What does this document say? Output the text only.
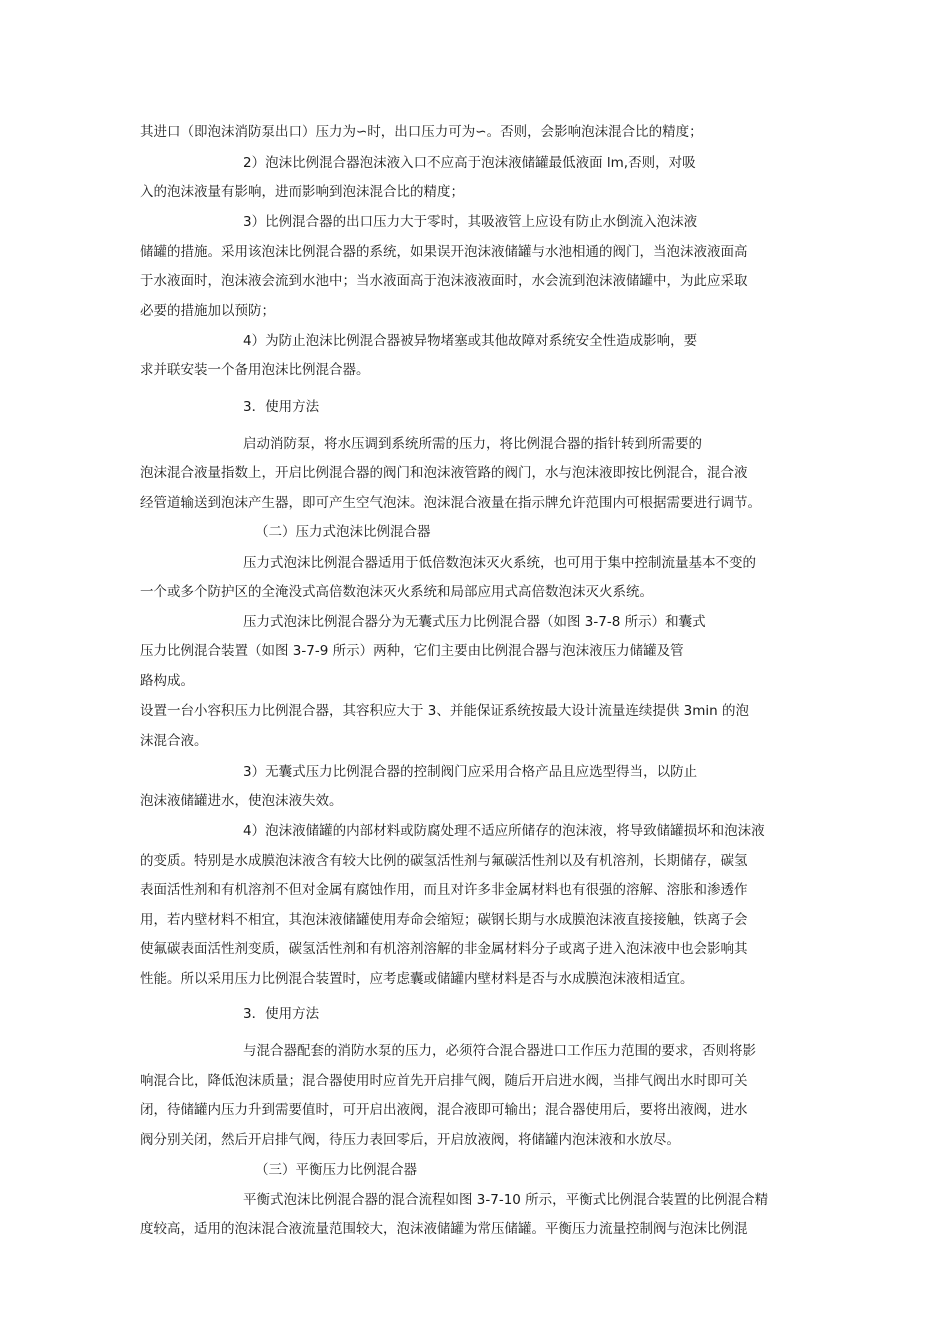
其进口（即泡沫消防泵出口）压力为∽时，出口压力可为∽。否则，会影响泡沫混合比的精度；

2）泡沫比例混合器泡沫液入口不应高于泡沫液储罐最低液面 lm,否则，对吸

入的泡沫液量有影响，进而影响到泡沫混合比的精度；

3）比例混合器的出口压力大于零时，其吸液管上应设有防止水倒流入泡沫液

储罐的措施。采用该泡沫比例混合器的系统，如果误开泡沫液储罐与水池相通的阀门，当泡沫液液面高

于水液面时，泡沫液会流到水池中；当水液面高于泡沫液液面时，水会流到泡沫液储罐中，为此应采取

必要的措施加以预防；

4）为防止泡沫比例混合器被异物堵塞或其他故障对系统安全性造成影响，要

求并联安装一个备用泡沫比例混合器。

3．使用方法

启动消防泵，将水压调到系统所需的压力，将比例混合器的指针转到所需要的

泡沫混合液量指数上，开启比例混合器的阀门和泡沫液管路的阀门，水与泡沫液即按比例混合，混合液

经管道输送到泡沫产生器，即可产生空气泡沫。泡沫混合液量在指示牌允许范围内可根据需要进行调节。

（二）压力式泡沫比例混合器

压力式泡沫比例混合器适用于低倍数泡沫灭火系统，也可用于集中控制流量基本不变的

一个或多个防护区的全淹没式高倍数泡沫灭火系统和局部应用式高倍数泡沫灭火系统。

压力式泡沫比例混合器分为无囊式压力比例混合器（如图 3-7-8 所示）和囊式

压力比例混合装置（如图 3-7-9 所示）两种，它们主要由比例混合器与泡沫液压力储罐及管

路构成。

设置一台小容积压力比例混合器，其容积应大于 3、并能保证系统按最大设计流量连续提供 3min 的泡

沫混合液。

3）无囊式压力比例混合器的控制阀门应采用合格产品且应选型得当，以防止

泡沫液储罐进水，使泡沫液失效。

4）泡沫液储罐的内部材料或防腐处理不适应所储存的泡沫液，将导致储罐损坏和泡沫液

的变质。特别是水成膜泡沫液含有较大比例的碳氢活性剂与氟碳活性剂以及有机溶剂，长期储存，碳氢

表面活性剂和有机溶剂不但对金属有腐蚀作用，而且对许多非金属材料也有很强的溶解、溶胀和渗透作

用，若内壁材料不相宜，其泡沫液储罐使用寿命会缩短；碳钢长期与水成膜泡沫液直接接触，铁离子会

使氟碳表面活性剂变质，碳氢活性剂和有机溶剂溶解的非金属材料分子或离子进入泡沫液中也会影响其

性能。所以采用压力比例混合装置时，应考虑囊或储罐内壁材料是否与水成膜泡沫液相适宜。

3．使用方法

与混合器配套的消防水泵的压力，必须符合混合器进口工作压力范围的要求，否则将影

响混合比，降低泡沫质量；混合器使用时应首先开启排气阀，随后开启进水阀，当排气阀出水时即可关

闭，待储罐内压力升到需要值时，可开启出液阀，混合液即可输出；混合器使用后，要将出液阀，进水

阀分别关闭，然后开启排气阀，待压力表回零后，开启放液阀，将储罐内泡沫液和水放尽。

（三）平衡压力比例混合器

平衡式泡沫比例混合器的混合流程如图 3-7-10 所示，平衡式比例混合装置的比例混合精

度较高，适用的泡沫混合液流量范围较大，泡沫液储罐为常压储罐。平衡压力流量控制阀与泡沫比例混
